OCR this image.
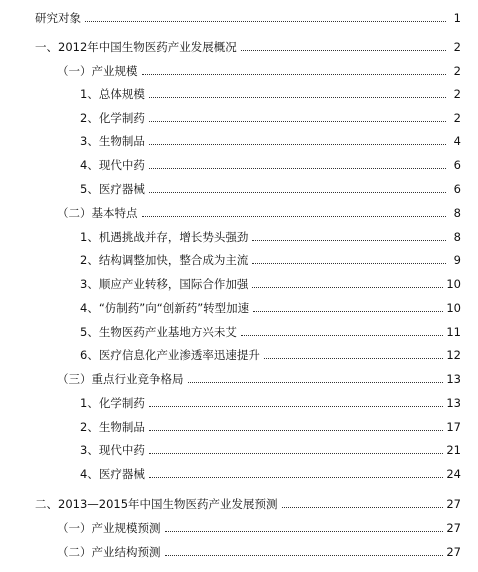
研究对象	1
一、2012年中国生物医药产业发展概况	2
（一）产业规模	2
1、总体规模	2
2、化学制药	2
3、生物制品	4
4、现代中药	6
5、医疗器械	6
（二）基本特点	8
1、机遇挑战并存，增长势头强劲	8
2、结构调整加快，整合成为主流	9
3、顺应产业转移，国际合作加强	10
4、“仿制药”向“创新药”转型加速	10
5、生物医药产业基地方兴未艾	11
6、医疗信息化产业渗透率迅速提升	12
（三）重点行业竞争格局	13
1、化学制药	13
2、生物制品	17
3、现代中药	21
4、医疗器械	24
二、2013—2015年中国生物医药产业发展预测	27
（一）产业规模预测	27
（二）产业结构预测	27
